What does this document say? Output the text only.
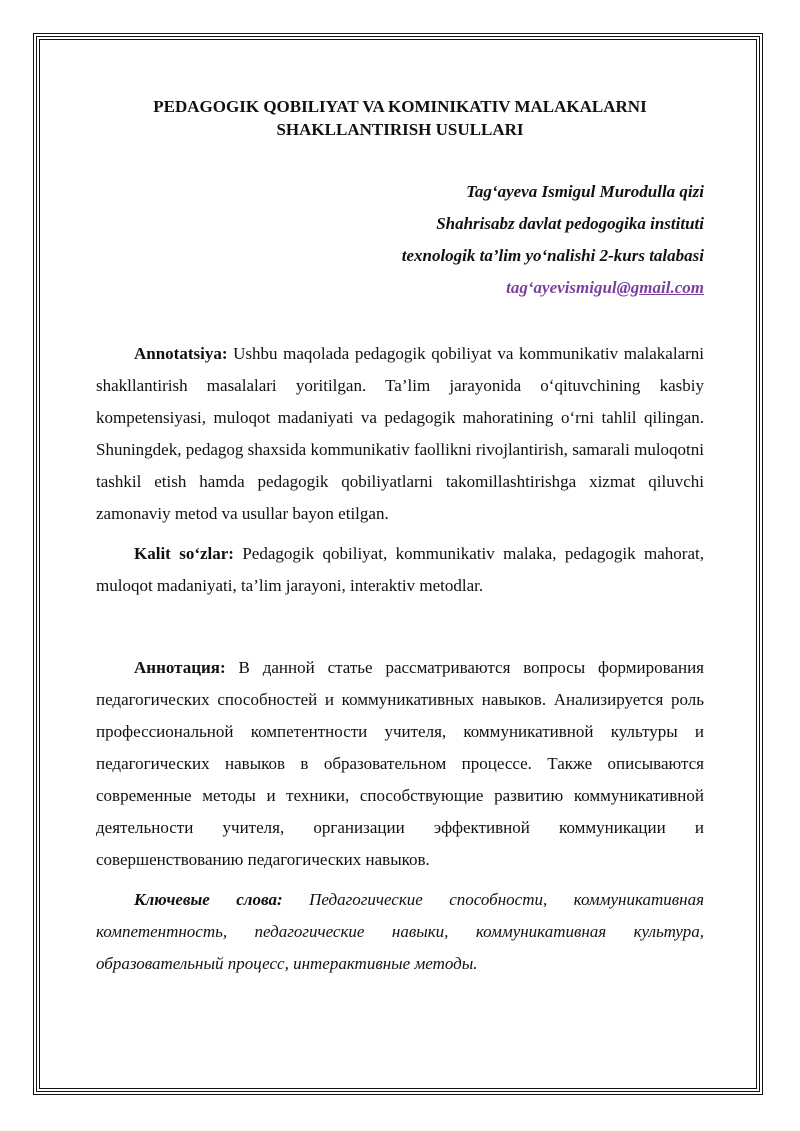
PEDAGOGIK QOBILIYAT VA KOMINIKATIV MALAKALARNI
SHAKLLANTIRISH USULLARI
Tag‘ayeva Ismigul Murodulla qizi
Shahrisabz davlat pedogogika instituti
texnologik ta’lim yo‘nalishi 2-kurs talabasi
tag‘ayevismigul@gmail.com

Annotatsiya: Ushbu maqolada pedagogik qobiliyat va kommunikativ malakalarni shakllantirish masalalari yoritilgan. Ta’lim jarayonida o‘qituvchining kasbiy kompetensiyasi, muloqot madaniyati va pedagogik mahoratining o‘rni tahlil qilingan. Shuningdek, pedagog shaxsida kommunikativ faollikni rivojlantirish, samarali muloqotni tashkil etish hamda pedagogik qobiliyatlarni takomillashtirishga xizmat qiluvchi zamonaviy metod va usullar bayon etilgan.

Kalit so‘zlar: Pedagogik qobiliyat, kommunikativ malaka, pedagogik mahorat, muloqot madaniyati, ta’lim jarayoni, interaktiv metodlar.

Аннотация: В данной статье рассматриваются вопросы формирования педагогических способностей и коммуникативных навыков. Анализируется роль профессиональной компетентности учителя, коммуникативной культуры и педагогических навыков в образовательном процессе. Также описываются современные методы и техники, способствующие развитию коммуникативной деятельности учителя, организации эффективной коммуникации и совершенствованию педагогических навыков.

Ключевые слова: Педагогические способности, коммуникативная компетентность, педагогические навыки, коммуникативная культура, образовательный процесс, интерактивные методы.
